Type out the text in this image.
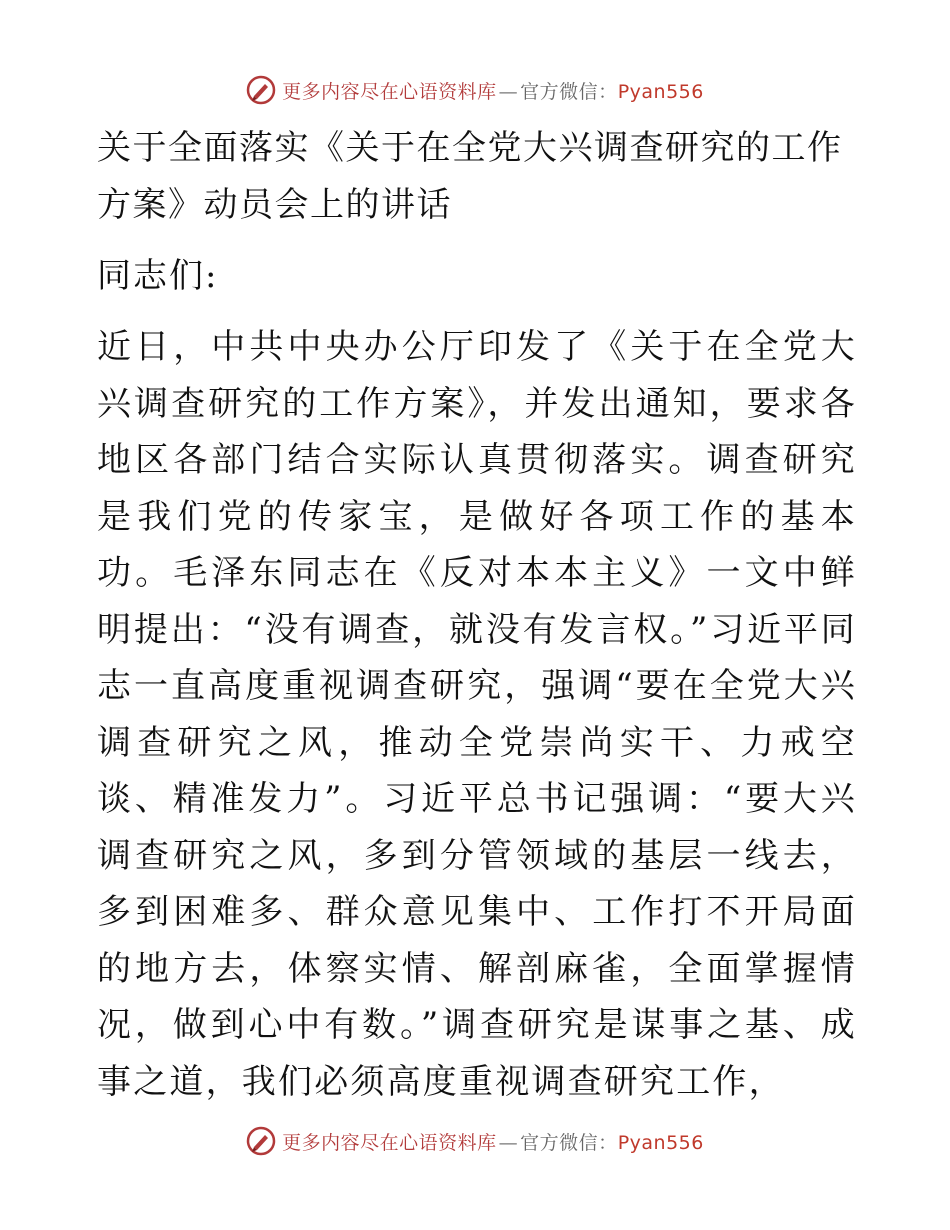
更多内容尽在心语资料库 — 官方微信：Pyan556
关于全面落实《关于在全党大兴调查研究的工作方案》动员会上的讲话

同志们:

近日，中共中央办公厅印发了《关于在全党大兴调查研究的工作方案》，并发出通知，要求各地区各部门结合实际认真贯彻落实。调查研究是我们党的传家宝，是做好各项工作的基本功。毛泽东同志在《反对本本主义》一文中鲜明提出：“没有调查，就没有发言权。”习近平同志一直高度重视调查研究，强调“要在全党大兴调查研究之风，推动全党崇尚实干、力戒空谈、精准发力”。习近平总书记强调：“要大兴调查研究之风，多到分管领域的基层一线去，多到困难多、群众意见集中、工作打不开局面的地方去，体察实情、解剖麻雀，全面掌握情况，做到心中有数。”调查研究是谋事之基、成事之道，我们必须高度重视调查研究工作，

更多内容尽在心语资料库 — 官方微信：Pyan556
